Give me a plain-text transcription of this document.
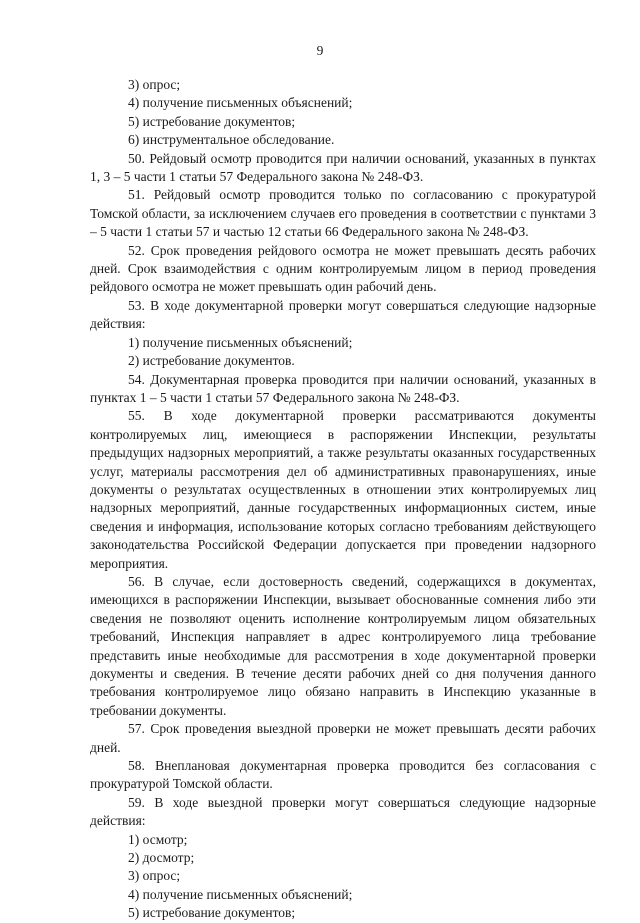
9

3) опрос;

4) получение письменных объяснений;

5) истребование документов;

6) инструментальное обследование.

50. Рейдовый осмотр проводится при наличии оснований, указанных в пунктах 1, 3 – 5 части 1 статьи 57 Федерального закона № 248-ФЗ.

51. Рейдовый осмотр проводится только по согласованию с прокуратурой Томской области, за исключением случаев его проведения в соответствии с пунктами 3 – 5 части 1 статьи 57 и частью 12 статьи 66 Федерального закона № 248-ФЗ.

52. Срок проведения рейдового осмотра не может превышать десять рабочих дней. Срок взаимодействия с одним контролируемым лицом в период проведения рейдового осмотра не может превышать один рабочий день.

53. В ходе документарной проверки могут совершаться следующие надзорные действия:

1) получение письменных объяснений;

2) истребование документов.

54. Документарная проверка проводится при наличии оснований, указанных в пунктах 1 – 5 части 1 статьи 57 Федерального закона № 248-ФЗ.

55. В ходе документарной проверки рассматриваются документы контролируемых лиц, имеющиеся в распоряжении Инспекции, результаты предыдущих надзорных мероприятий, а также результаты оказанных государственных услуг, материалы рассмотрения дел об административных правонарушениях, иные документы о результатах осуществленных в отношении этих контролируемых лиц надзорных мероприятий, данные государственных информационных систем, иные сведения и информация, использование которых согласно требованиям действующего законодательства Российской Федерации допускается при проведении надзорного мероприятия.

56. В случае, если достоверность сведений, содержащихся в документах, имеющихся в распоряжении Инспекции, вызывает обоснованные сомнения либо эти сведения не позволяют оценить исполнение контролируемым лицом обязательных требований, Инспекция направляет в адрес контролируемого лица требование представить иные необходимые для рассмотрения в ходе документарной проверки документы и сведения. В течение десяти рабочих дней со дня получения данного требования контролируемое лицо обязано направить в Инспекцию указанные в требовании документы.

57. Срок проведения выездной проверки не может превышать десяти рабочих дней.

58. Внеплановая документарная проверка проводится без согласования с прокуратурой Томской области.

59. В ходе выездной проверки могут совершаться следующие надзорные действия:

1) осмотр;

2) досмотр;

3) опрос;

4) получение письменных объяснений;

5) истребование документов;
